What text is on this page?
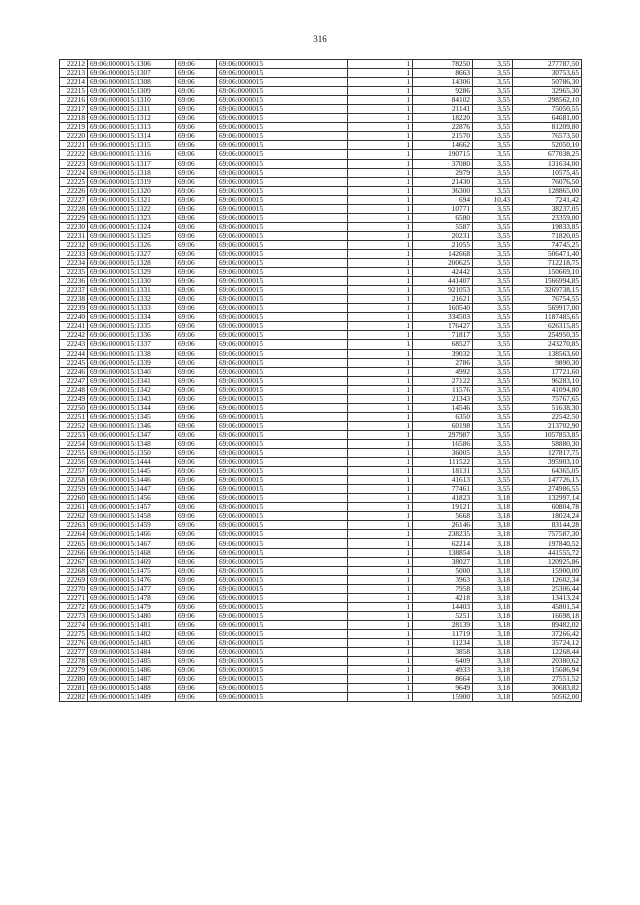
316
22212	69:06:0000015:1306	69:06	69:06:0000015	1	78250	3,55	277787,50
22213	69:06:0000015:1307	69:06	69:06:0000015	1	8663	3,55	30753,65
22214	69:06:0000015:1308	69:06	69:06:0000015	1	14306	3,55	50786,30
22215	69:06:0000015:1309	69:06	69:06:0000015	1	9286	3,55	32965,30
22216	69:06:0000015:1310	69:06	69:06:0000015	1	84102	3,55	298562,10
22217	69:06:0000015:1311	69:06	69:06:0000015	1	21141	3,55	75050,55
22218	69:06:0000015:1312	69:06	69:06:0000015	1	18220	3,55	64681,00
22219	69:06:0000015:1313	69:06	69:06:0000015	1	22876	3,55	81209,80
22220	69:06:0000015:1314	69:06	69:06:0000015	1	21570	3,55	76573,50
22221	69:06:0000015:1315	69:06	69:06:0000015	1	14662	3,55	52050,10
22222	69:06:0000015:1316	69:06	69:06:0000015	1	190715	3,55	677038,25
22223	69:06:0000015:1317	69:06	69:06:0000015	1	37080	3,55	131634,00
22224	69:06:0000015:1318	69:06	69:06:0000015	1	2979	3,55	10575,45
22225	69:06:0000015:1319	69:06	69:06:0000015	1	21430	3,55	76076,50
22226	69:06:0000015:1320	69:06	69:06:0000015	1	36300	3,55	128865,00
22227	69:06:0000015:1321	69:06	69:06:0000015	1	694	10,43	7241,42
22228	69:06:0000015:1322	69:06	69:06:0000015	1	10771	3,55	38237,05
22229	69:06:0000015:1323	69:06	69:06:0000015	1	6580	3,55	23359,00
22230	69:06:0000015:1324	69:06	69:06:0000015	1	5587	3,55	19833,85
22231	69:06:0000015:1325	69:06	69:06:0000015	1	20231	3,55	71820,05
22232	69:06:0000015:1326	69:06	69:06:0000015	1	21055	3,55	74745,25
22233	69:06:0000015:1327	69:06	69:06:0000015	1	142668	3,55	506471,40
22234	69:06:0000015:1328	69:06	69:06:0000015	1	200625	3,55	712218,75
22235	69:06:0000015:1329	69:06	69:06:0000015	1	42442	3,55	150669,10
22236	69:06:0000015:1330	69:06	69:06:0000015	1	441407	3,55	1566994,85
22237	69:06:0000015:1331	69:06	69:06:0000015	1	921053	3,55	3269738,15
22238	69:06:0000015:1332	69:06	69:06:0000015	1	21621	3,55	76754,55
22239	69:06:0000015:1333	69:06	69:06:0000015	1	160540	3,55	569917,00
22240	69:06:0000015:1334	69:06	69:06:0000015	1	334503	3,55	1187485,65
22241	69:06:0000015:1335	69:06	69:06:0000015	1	176427	3,55	626315,85
22242	69:06:0000015:1336	69:06	69:06:0000015	1	71817	3,55	254950,35
22243	69:06:0000015:1337	69:06	69:06:0000015	1	68527	3,55	243270,85
22244	69:06:0000015:1338	69:06	69:06:0000015	1	39032	3,55	138563,60
22245	69:06:0000015:1339	69:06	69:06:0000015	1	2786	3,55	9890,30
22246	69:06:0000015:1340	69:06	69:06:0000015	1	4992	3,55	17721,60
22247	69:06:0000015:1341	69:06	69:06:0000015	1	27122	3,55	96283,10
22248	69:06:0000015:1342	69:06	69:06:0000015	1	11576	3,55	41094,80
22249	69:06:0000015:1343	69:06	69:06:0000015	1	21343	3,55	75767,65
22250	69:06:0000015:1344	69:06	69:06:0000015	1	14546	3,55	51638,30
22251	69:06:0000015:1345	69:06	69:06:0000015	1	6350	3,55	22542,50
22252	69:06:0000015:1346	69:06	69:06:0000015	1	60198	3,55	213702,90
22253	69:06:0000015:1347	69:06	69:06:0000015	1	297987	3,55	1057853,85
22254	69:06:0000015:1348	69:06	69:06:0000015	1	16586	3,55	58880,30
22255	69:06:0000015:1350	69:06	69:06:0000015	1	36005	3,55	127817,75
22256	69:06:0000015:1444	69:06	69:06:0000015	1	111522	3,55	395903,10
22257	69:06:0000015:1445	69:06	69:06:0000015	1	18131	3,55	64365,05
22258	69:06:0000015:1446	69:06	69:06:0000015	1	41613	3,55	147726,15
22259	69:06:0000015:1447	69:06	69:06:0000015	1	77461	3,55	274986,55
22260	69:06:0000015:1456	69:06	69:06:0000015	1	41823	3,18	132997,14
22261	69:06:0000015:1457	69:06	69:06:0000015	1	19121	3,18	60804,78
22262	69:06:0000015:1458	69:06	69:06:0000015	1	5668	3,18	18024,24
22263	69:06:0000015:1459	69:06	69:06:0000015	1	26146	3,18	83144,28
22264	69:06:0000015:1466	69:06	69:06:0000015	1	238235	3,18	757587,30
22265	69:06:0000015:1467	69:06	69:06:0000015	1	62214	3,18	197840,52
22266	69:06:0000015:1468	69:06	69:06:0000015	1	138854	3,18	441555,72
22267	69:06:0000015:1469	69:06	69:06:0000015	1	38027	3,18	120925,86
22268	69:06:0000015:1475	69:06	69:06:0000015	1	5000	3,18	15900,00
22269	69:06:0000015:1476	69:06	69:06:0000015	1	3963	3,18	12602,34
22270	69:06:0000015:1477	69:06	69:06:0000015	1	7958	3,18	25306,44
22271	69:06:0000015:1478	69:06	69:06:0000015	1	4218	3,18	13413,24
22272	69:06:0000015:1479	69:06	69:06:0000015	1	14403	3,18	45801,54
22273	69:06:0000015:1480	69:06	69:06:0000015	1	5251	3,18	16698,18
22274	69:06:0000015:1481	69:06	69:06:0000015	1	28139	3,18	89482,02
22275	69:06:0000015:1482	69:06	69:06:0000015	1	11719	3,18	37266,42
22276	69:06:0000015:1483	69:06	69:06:0000015	1	11234	3,18	35724,12
22277	69:06:0000015:1484	69:06	69:06:0000015	1	3858	3,18	12268,44
22278	69:06:0000015:1485	69:06	69:06:0000015	1	6409	3,18	20380,62
22279	69:06:0000015:1486	69:06	69:06:0000015	1	4933	3,18	15686,94
22280	69:06:0000015:1487	69:06	69:06:0000015	1	8664	3,18	27551,52
22281	69:06:0000015:1488	69:06	69:06:0000015	1	9649	3,18	30683,82
22282	69:06:0000015:1489	69:06	69:06:0000015	1	15900	3,18	50562,00
